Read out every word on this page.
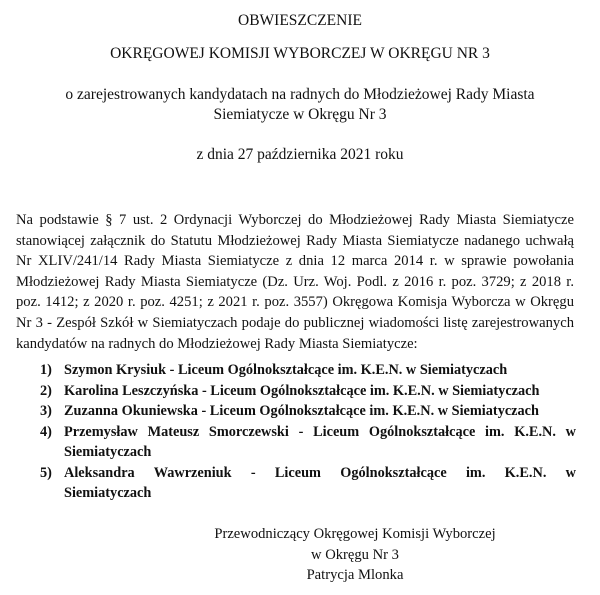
OBWIESZCZENIE
OKRĘGOWEJ KOMISJI WYBORCZEJ W OKRĘGU NR 3
o zarejestrowanych kandydatach na radnych do Młodzieżowej Rady Miasta
Siemiatycze w Okręgu Nr 3
z dnia 27 października 2021 roku
Na podstawie § 7 ust. 2 Ordynacji Wyborczej do Młodzieżowej Rady Miasta Siemiatycze
stanowiącej załącznik do Statutu Młodzieżowej Rady Miasta Siemiatycze nadanego uchwałą
Nr XLIV/241/14 Rady Miasta Siemiatycze z dnia 12 marca 2014 r. w sprawie powołania
Młodzieżowej Rady Miasta Siemiatycze (Dz. Urz. Woj. Podl. z 2016 r. poz. 3729; z 2018 r.
poz. 1412; z 2020 r. poz. 4251; z 2021 r. poz. 3557) Okręgowa Komisja Wyborcza w Okręgu
Nr 3 - Zespół Szkół w Siemiatyczach podaje do publicznej wiadomości listę zarejestrowanych
kandydatów na radnych do Młodzieżowej Rady Miasta Siemiatycze:
1) Szymon Krysiuk - Liceum Ogólnokształcące im. K.E.N. w Siemiatyczach
2) Karolina Leszczyńska - Liceum Ogólnokształcące im. K.E.N. w Siemiatyczach
3) Zuzanna Okuniewska - Liceum Ogólnokształcące im. K.E.N. w Siemiatyczach
4) Przemysław Mateusz Smorczewski - Liceum Ogólnokształcące im. K.E.N. w
Siemiatyczach
5) Aleksandra Wawrzeniuk - Liceum Ogólnokształcące im. K.E.N. w
Siemiatyczach
Przewodniczący Okręgowej Komisji Wyborczej
w Okręgu Nr 3
Patrycja Mlonka
